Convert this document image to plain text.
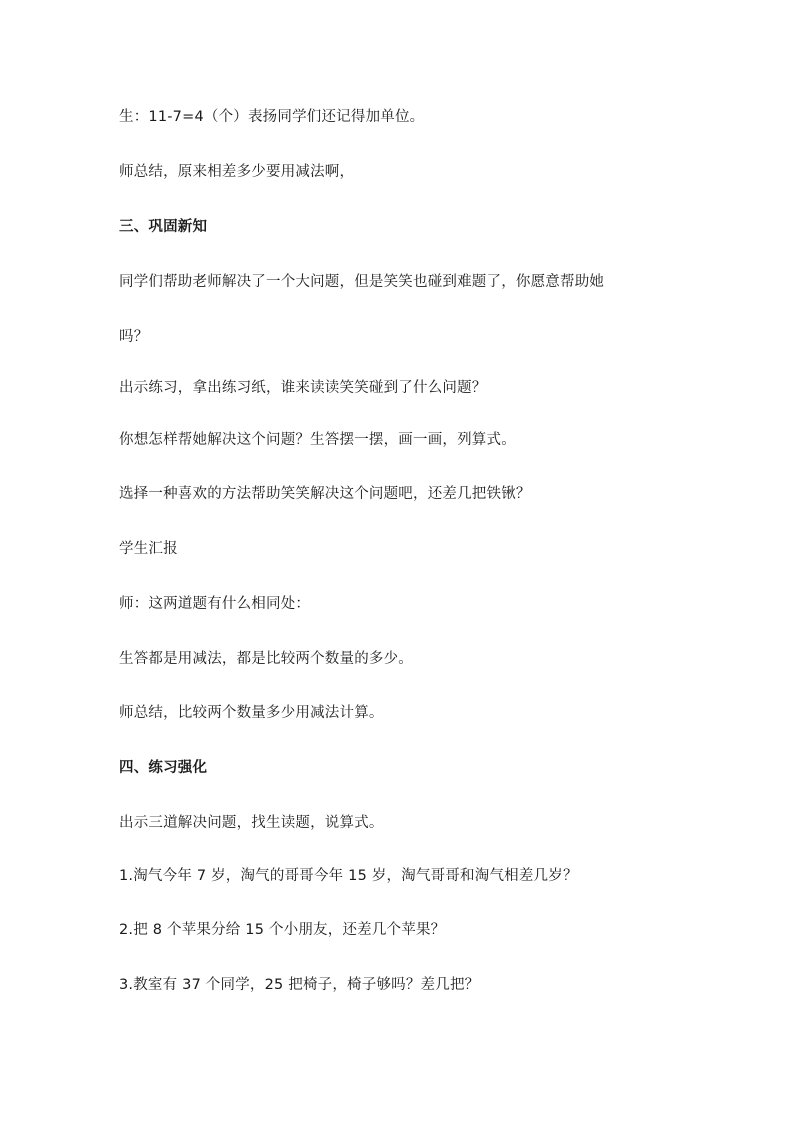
生：11-7=4（个）表扬同学们还记得加单位。
师总结，原来相差多少要用减法啊，
三、巩固新知
同学们帮助老师解决了一个大问题，但是笑笑也碰到难题了，你愿意帮助她
吗？
出示练习，拿出练习纸，谁来读读笑笑碰到了什么问题？
你想怎样帮她解决这个问题？生答摆一摆，画一画，列算式。
选择一种喜欢的方法帮助笑笑解决这个问题吧，还差几把铁锹？
学生汇报
师：这两道题有什么相同处：
生答都是用减法，都是比较两个数量的多少。
师总结，比较两个数量多少用减法计算。
四、练习强化
出示三道解决问题，找生读题，说算式。
1.淘气今年 7 岁，淘气的哥哥今年 15 岁，淘气哥哥和淘气相差几岁？
2.把 8 个苹果分给 15 个小朋友，还差几个苹果？
3.教室有 37 个同学，25 把椅子，椅子够吗？差几把？
